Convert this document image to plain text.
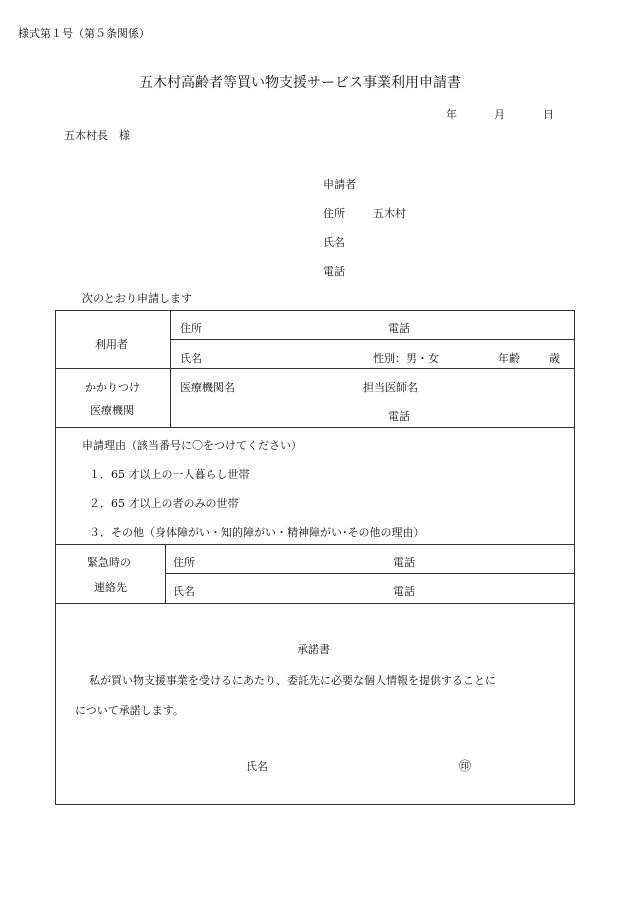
様式第１号（第５条関係）
五木村高齢者等買い物支援サービス事業利用申請書
年	月	日
五木村長　様
申請者
住所	五木村
氏名
電話
次のとおり申請します
利用者
住所	電話
氏名	性別：男・女	年齢	歳
かかりつけ
医療機関
医療機関名	担当医師名
電話
申請理由（該当番号に〇をつけてください）
１．65 才以上の一人暮らし世帯
２．65 才以上の者のみの世帯
３．その他（身体障がい・知的障がい・精神障がい･その他の理由）
緊急時の
連絡先
住所	電話
氏名	電話
承諾書
私が買い物支援事業を受けるにあたり、委託先に必要な個人情報を提供することに
について承諾します。
氏名	㊞
